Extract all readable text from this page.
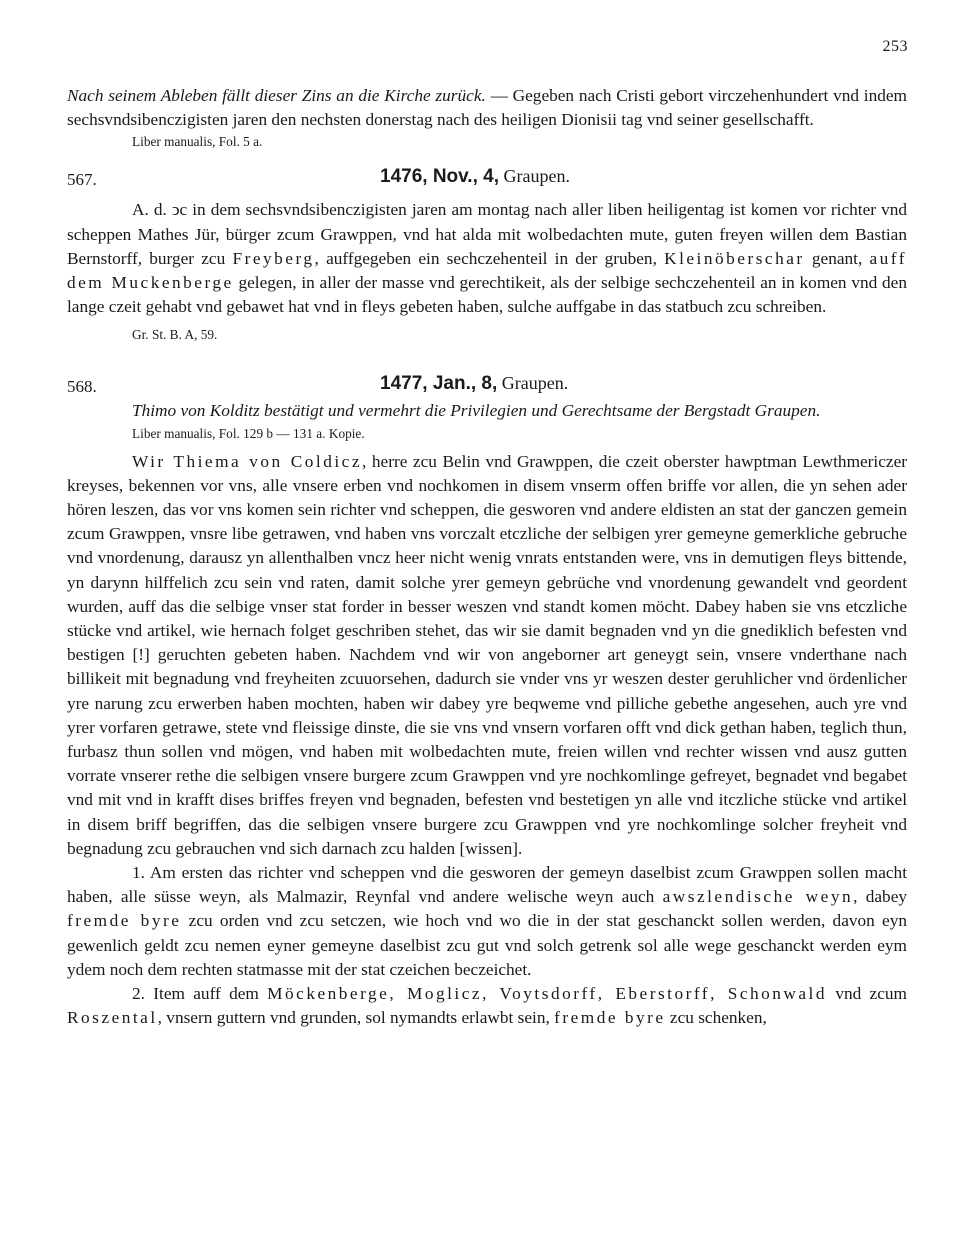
253

Nach seinem Ableben fällt dieser Zins an die Kirche zurück. — Gegeben nach Cristi gebort virczehenhundert vnd indem sechsvndsibenczigisten jaren den nechsten donerstag nach des heiligen Dionisii tag vnd seiner gesellschafft.

Liber manualis, Fol. 5 a.

567.	1476, Nov., 4, Graupen.

A. d. ↄc in dem sechsvndsibenczigisten jaren am montag nach aller liben heiligentag ist komen vor richter vnd scheppen Mathes Jür, bürger zcum Grawppen, vnd hat alda mit wolbedachten mute, guten freyen willen dem Bastian Bernstorff, burger zcu Freyberg, auffgegeben ein sechczehenteil in der gruben, Kleinöberschar genant, auff dem Muckenberge gelegen, in aller der masse vnd gerechtikeit, als der selbige sechczehenteil an in komen vnd den lange czeit gehabt vnd gebawet hat vnd in fleys gebeten haben, sulche auffgabe in das statbuch zcu schreiben.

Gr. St. B. A, 59.

568.	1477, Jan., 8, Graupen.

Thimo von Kolditz bestätigt und vermehrt die Privilegien und Gerechtsame der Bergstadt Graupen.

Liber manualis, Fol. 129 b — 131 a. Kopie.

Wir Thiema von Coldicz, herre zcu Belin vnd Grawppen, die czeit oberster hawptman Lewthmericzer kreyses, bekennen vor vns, alle vnsere erben vnd nochkomen in disem vnserm offen briffe vor allen, die yn sehen ader hören leszen, das vor vns komen sein richter vnd scheppen, die gesworen vnd andere eldisten an stat der ganczen gemein zcum Grawppen, vnsre libe getrawen, vnd haben vns vorczalt etczliche der selbigen yrer gemeyne gemerkliche gebruche vnd vnordenung, darausz yn allenthalben vncz heer nicht wenig vnrats entstanden were, vns in demutigen fleys bittende, yn darynn hilffelich zcu sein vnd raten, damit solche yrer gemeyn gebrüche vnd vnordenung gewandelt vnd geordent wurden, auff das die selbige vnser stat forder in besser weszen vnd standt komen möcht. Dabey haben sie vns etczliche stücke vnd artikel, wie hernach folget geschriben stehet, das wir sie damit begnaden vnd yn die gnediklich befesten vnd bestigen [!] geruchten gebeten haben. Nachdem vnd wir von angeborner art geneygt sein, vnsere vnderthane nach billikeit mit begnadung vnd freyheiten zcuuorsehen, dadurch sie vnder vns yr weszen dester geruhlicher vnd ördenlicher yre narung zcu erwerben haben mochten, haben wir dabey yre beqweme vnd pilliche gebethe angesehen, auch yre vnd yrer vorfaren getrawe, stete vnd fleissige dinste, die sie vns vnd vnsern vorfaren offt vnd dick gethan haben, teglich thun, furbasz thun sollen vnd mögen, vnd haben mit wolbedachten mute, freien willen vnd rechter wissen vnd ausz gutten vorrate vnserer rethe die selbigen vnsere burgere zcum Grawppen vnd yre nochkomlinge gefreyet, begnadet vnd begabet vnd mit vnd in krafft dises briffes freyen vnd begnaden, befesten vnd bestetigen yn alle vnd itczliche stücke vnd artikel in disem briff begriffen, das die selbigen vnsere burgere zcu Grawppen vnd yre nochkomlinge solcher freyheit vnd begnadung zcu gebrauchen vnd sich darnach zcu halden [wissen].

1. Am ersten das richter vnd scheppen vnd die gesworen der gemeyn daselbist zcum Grawppen sollen macht haben, alle süsse weyn, als Malmazir, Reynfal vnd andere welische weyn auch awszlendische weyn, dabey fremde byre zcu orden vnd zcu setczen, wie hoch vnd wo die in der stat geschanckt sollen werden, davon eyn gewenlich geldt zcu nemen eyner gemeyne daselbist zcu gut vnd solch getrenk sol alle wege geschanckt werden eym ydem noch dem rechten statmasse mit der stat czeichen beczeichet.

2. Item auff dem Möckenberge, Moglicz, Voytsdorff, Eberstorff, Schonwald vnd zcum Roszental, vnsern guttern vnd grunden, sol nymandts erlawbt sein, fremde byre zcu schenken,
